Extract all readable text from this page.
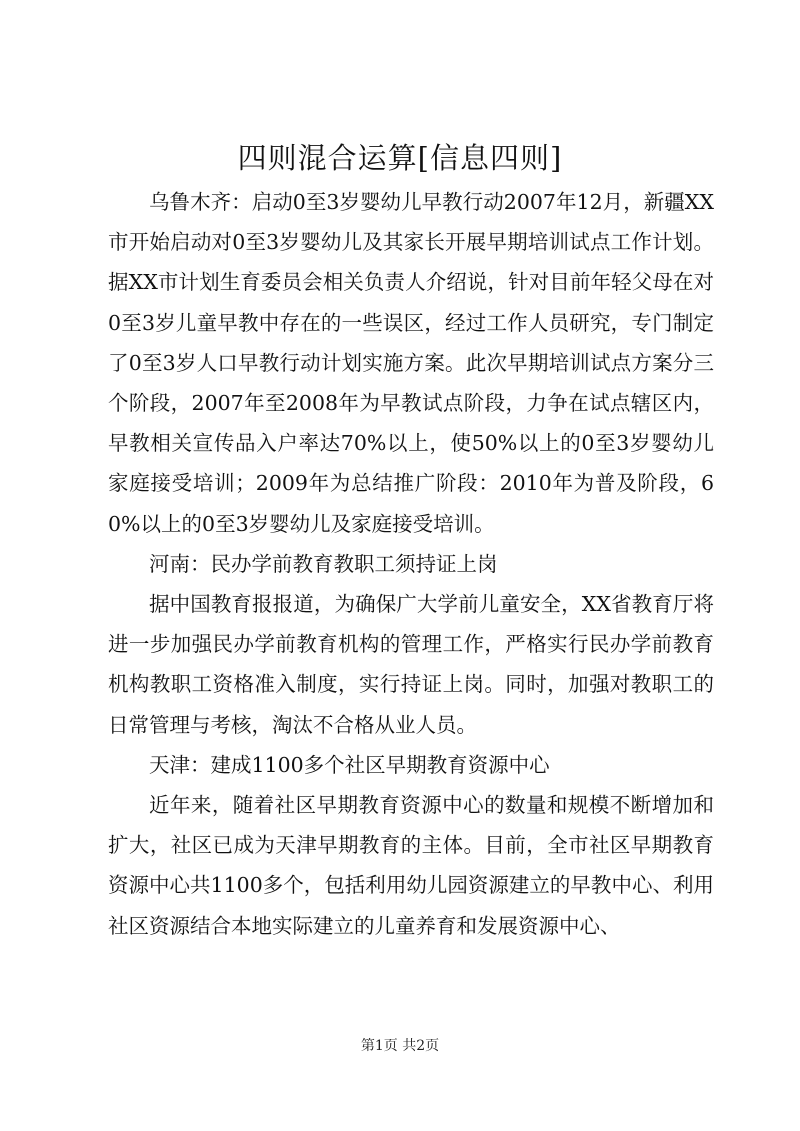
四则混合运算[信息四则]

乌鲁木齐：启动0至3岁婴幼儿早教行动2007年12月，新疆XX市开始启动对0至3岁婴幼儿及其家长开展早期培训试点工作计划。据XX市计划生育委员会相关负责人介绍说，针对目前年轻父母在对0至3岁儿童早教中存在的一些误区，经过工作人员研究，专门制定了0至3岁人口早教行动计划实施方案。此次早期培训试点方案分三个阶段，2007年至2008年为早教试点阶段，力争在试点辖区内，早教相关宣传品入户率达70%以上，使50%以上的0至3岁婴幼儿家庭接受培训；2009年为总结推广阶段：2010年为普及阶段，60%以上的0至3岁婴幼儿及家庭接受培训。

河南：民办学前教育教职工须持证上岗

据中国教育报报道，为确保广大学前儿童安全，XX省教育厅将进一步加强民办学前教育机构的管理工作，严格实行民办学前教育机构教职工资格准入制度，实行持证上岗。同时，加强对教职工的日常管理与考核，淘汰不合格从业人员。

天津：建成1100多个社区早期教育资源中心

近年来，随着社区早期教育资源中心的数量和规模不断增加和扩大，社区已成为天津早期教育的主体。目前，全市社区早期教育资源中心共1100多个，包括利用幼儿园资源建立的早教中心、利用社区资源结合本地实际建立的儿童养育和发展资源中心、

第1页 共2页
